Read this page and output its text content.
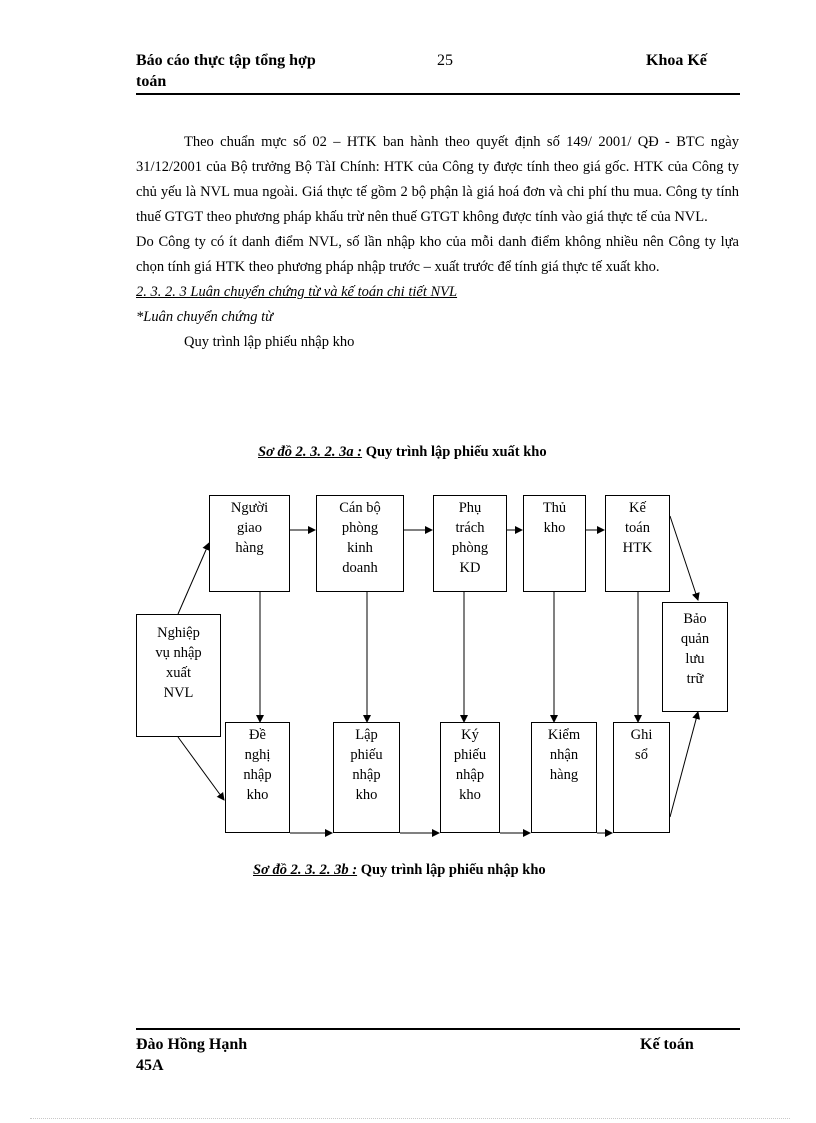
Báo cáo thực tập tổng hợp
toán
25	Khoa Kế

Theo chuẩn mực số 02 – HTK ban hành theo quyết định số 149/ 2001/ QĐ - BTC ngày 31/12/2001 của Bộ trưởng Bộ TàI Chính: HTK của Công ty được tính theo giá gốc. HTK của Công ty chủ yếu là NVL mua ngoài. Giá thực tế gồm 2 bộ phận là giá hoá đơn và chi phí thu mua. Công ty tính thuế GTGT theo phương pháp khấu trừ nên thuế GTGT không được tính vào giá thực tế của NVL.

Do Công ty có ít danh điểm NVL, số lần nhập kho của mỗi danh điểm không nhiều nên Công ty lựa chọn tính giá HTK theo phương pháp nhập trước – xuất trước để tính giá thực tế xuất kho.

2. 3. 2. 3 Luân chuyển chứng từ và kế toán chi tiết NVL

*Luân chuyển chứng từ

Quy trình lập phiếu nhập kho

Sơ đồ 2. 3. 2. 3a : Quy trình lập phiếu xuất kho
Nghiệp
vụ nhập
xuất
NVL
Người
giao
hàng
Cán bộ
phòng
kinh
doanh
Phụ
trách
phòng
KD
Thủ
kho
Kế
toán
HTK
Bảo
quản
lưu
trữ
Đề
nghị
nhập
kho
Lập
phiếu
nhập
kho
Ký
phiếu
nhập
kho
Kiểm
nhận
hàng
Ghi
sổ
Sơ đồ 2. 3. 2. 3b : Quy trình lập phiếu nhập kho
Đào Hồng Hạnh
45A
Kế toán
